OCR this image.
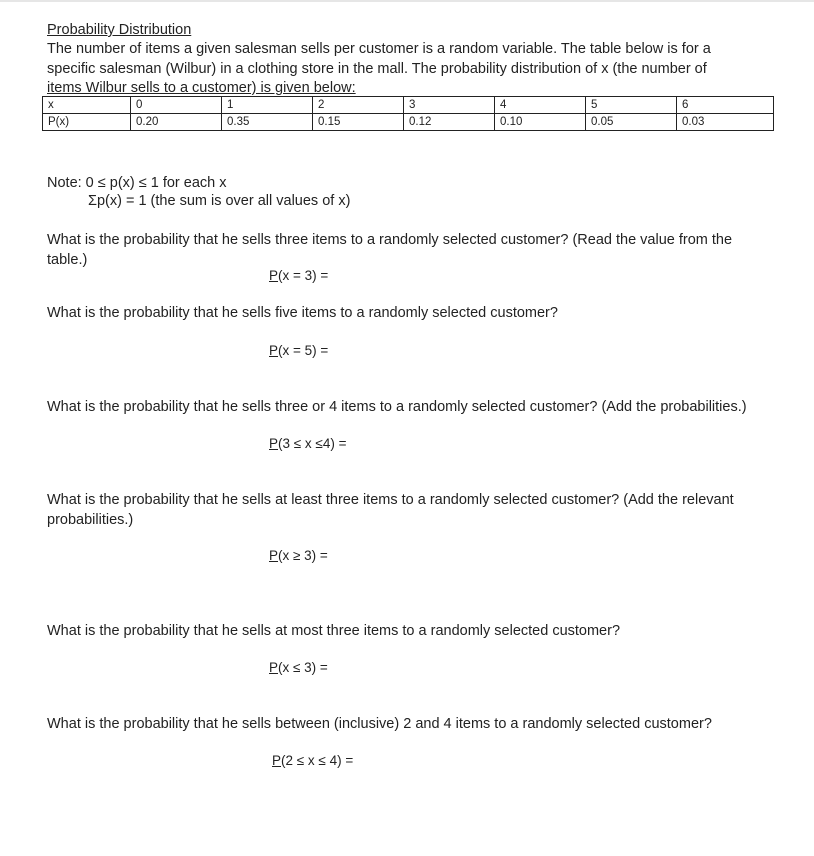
Probability Distribution
The number of items a given salesman sells per customer is a random variable. The table below is for a
specific salesman (Wilbur) in a clothing store in the mall. The probability distribution of x (the number of
items Wilbur sells to a customer) is given below:
x	0	1	2	3	4	5	6
P(x)	0.20	0.35	0.15	0.12	0.10	0.05	0.03
Note: 0 ≤ p(x) ≤ 1 for each x
Σp(x) = 1 (the sum is over all values of x)
What is the probability that he sells three items to a randomly selected customer? (Read the value from the
table.)
P(x = 3) =
What is the probability that he sells five items to a randomly selected customer?
P(x = 5) =
What is the probability that he sells three or 4 items to a randomly selected customer? (Add the probabilities.)
P(3 ≤ x ≤4) =
What is the probability that he sells at least three items to a randomly selected customer? (Add the relevant
probabilities.)
P(x ≥ 3) =
What is the probability that he sells at most three items to a randomly selected customer?
P(x ≤ 3) =
What is the probability that he sells between (inclusive) 2 and 4 items to a randomly selected customer?
P(2 ≤ x ≤ 4) =
